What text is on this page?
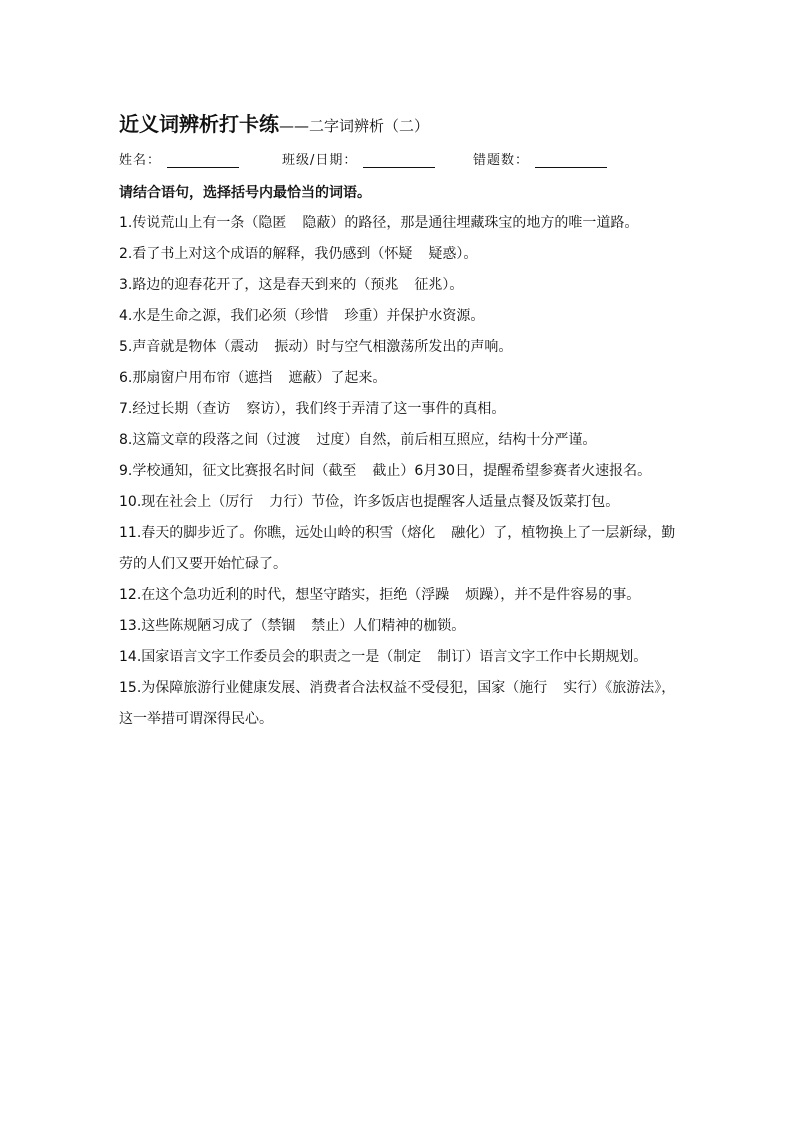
近义词辨析打卡练——二字词辨析（二）
姓名：	班级/日期：	错题数：
请结合语句，选择括号内最恰当的词语。
1.传说荒山上有一条（隐匿 隐蔽）的路径，那是通往埋藏珠宝的地方的唯一道路。
2.看了书上对这个成语的解释，我仍感到（怀疑 疑惑）。
3.路边的迎春花开了，这是春天到来的（预兆 征兆）。
4.水是生命之源，我们必须（珍惜 珍重）并保护水资源。
5.声音就是物体（震动 振动）时与空气相激荡所发出的声响。
6.那扇窗户用布帘（遮挡 遮蔽）了起来。
7.经过长期（查访 察访），我们终于弄清了这一事件的真相。
8.这篇文章的段落之间（过渡 过度）自然，前后相互照应，结构十分严谨。
9.学校通知，征文比赛报名时间（截至 截止）6月30日，提醒希望参赛者火速报名。
10.现在社会上（厉行 力行）节俭，许多饭店也提醒客人适量点餐及饭菜打包。
11.春天的脚步近了。你瞧，远处山岭的积雪（熔化 融化）了，植物换上了一层新绿，勤劳的人们又要开始忙碌了。
12.在这个急功近利的时代，想坚守踏实，拒绝（浮躁 烦躁），并不是件容易的事。
13.这些陈规陋习成了（禁锢 禁止）人们精神的枷锁。
14.国家语言文字工作委员会的职责之一是（制定 制订）语言文字工作中长期规划。
15.为保障旅游行业健康发展、消费者合法权益不受侵犯，国家（施行 实行）《旅游法》，这一举措可谓深得民心。
